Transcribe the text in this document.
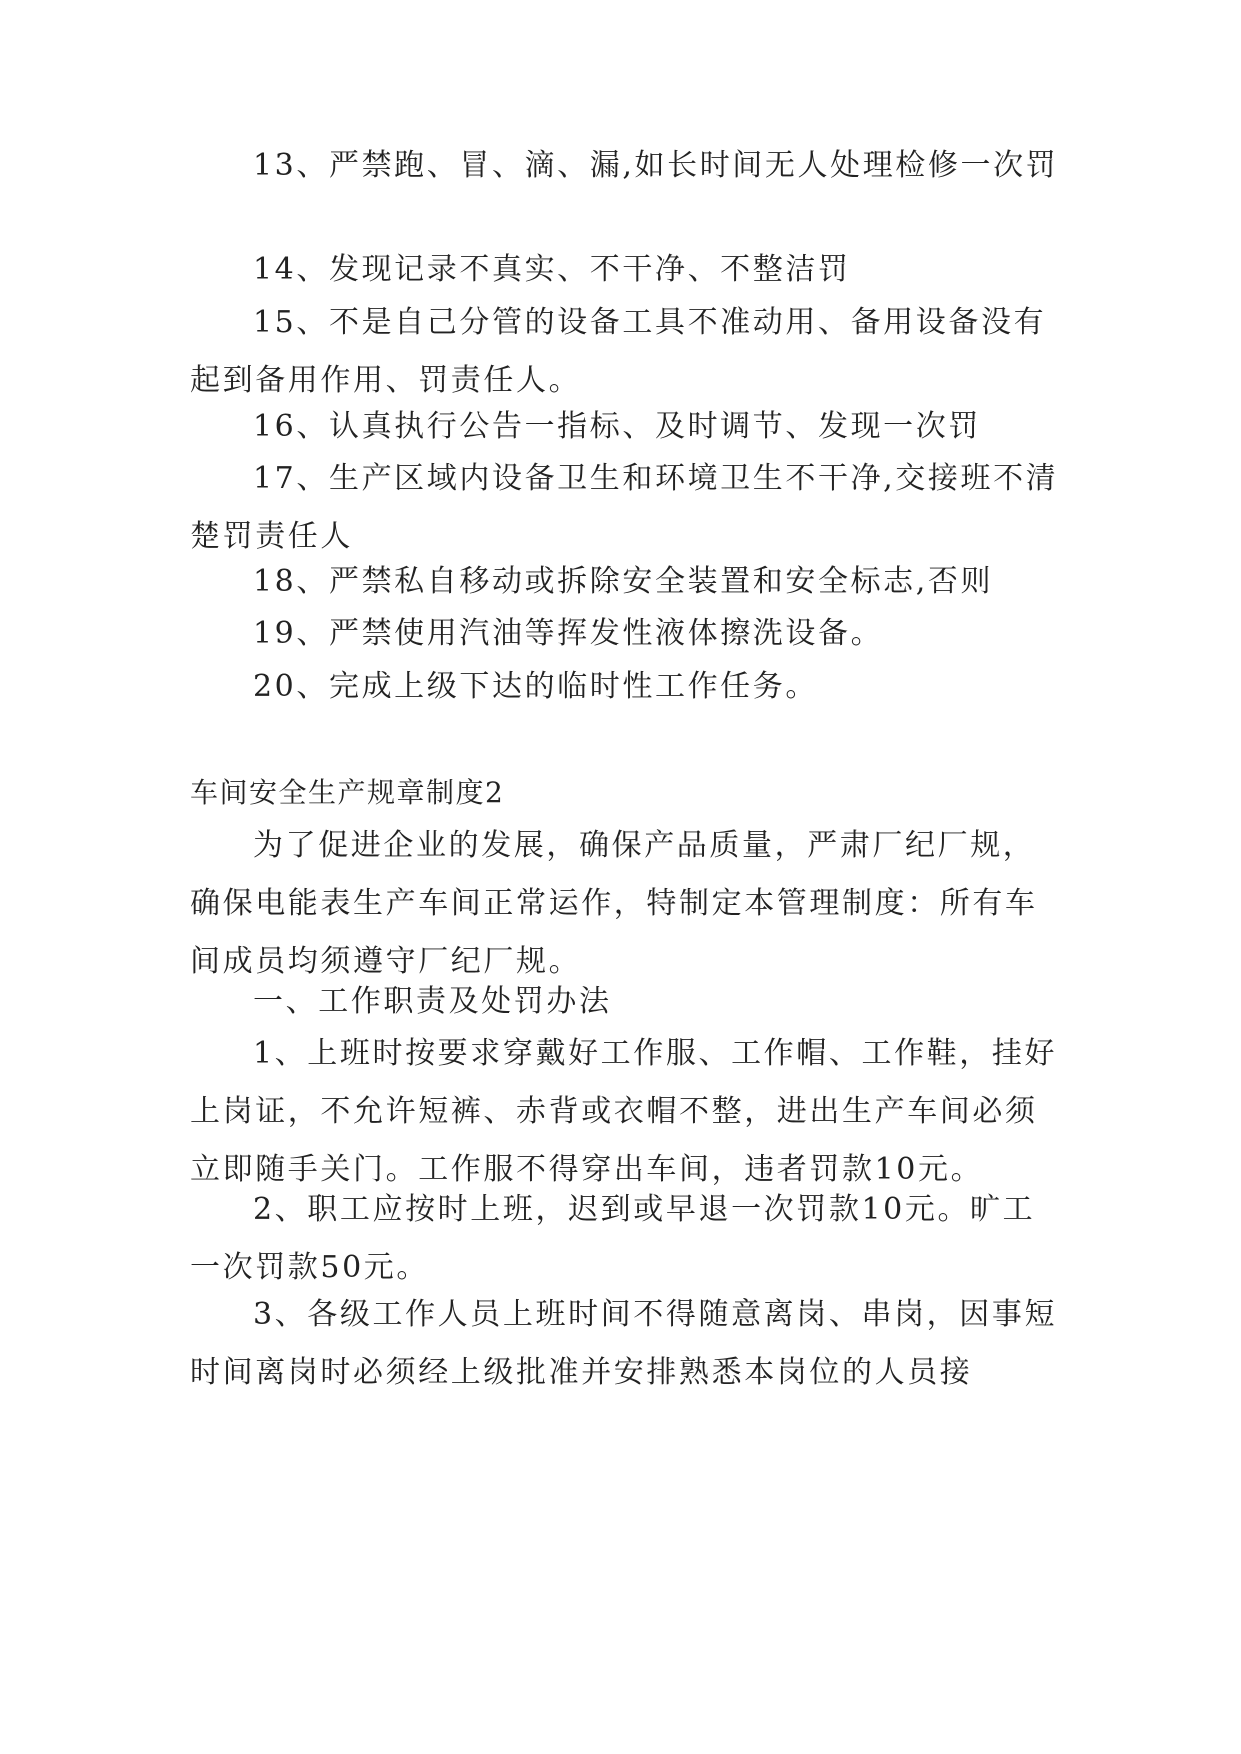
13、严禁跑、冒、滴、漏,如长时间无人处理检修一次罚

14、发现记录不真实、不干净、不整洁罚

15、不是自己分管的设备工具不准动用、备用设备没有起到备用作用、罚责任人。

16、认真执行公告一指标、及时调节、发现一次罚

17、生产区域内设备卫生和环境卫生不干净,交接班不清楚罚责任人

18、严禁私自移动或拆除安全装置和安全标志,否则

19、严禁使用汽油等挥发性液体擦洗设备。

20、完成上级下达的临时性工作任务。

车间安全生产规章制度2

为了促进企业的发展，确保产品质量，严肃厂纪厂规，确保电能表生产车间正常运作，特制定本管理制度：所有车间成员均须遵守厂纪厂规。

一、工作职责及处罚办法

1、上班时按要求穿戴好工作服、工作帽、工作鞋，挂好上岗证，不允许短裤、赤背或衣帽不整，进出生产车间必须立即随手关门。工作服不得穿出车间，违者罚款10元。

2、职工应按时上班，迟到或早退一次罚款10元。旷工一次罚款50元。

3、各级工作人员上班时间不得随意离岗、串岗，因事短时间离岗时必须经上级批准并安排熟悉本岗位的人员接
